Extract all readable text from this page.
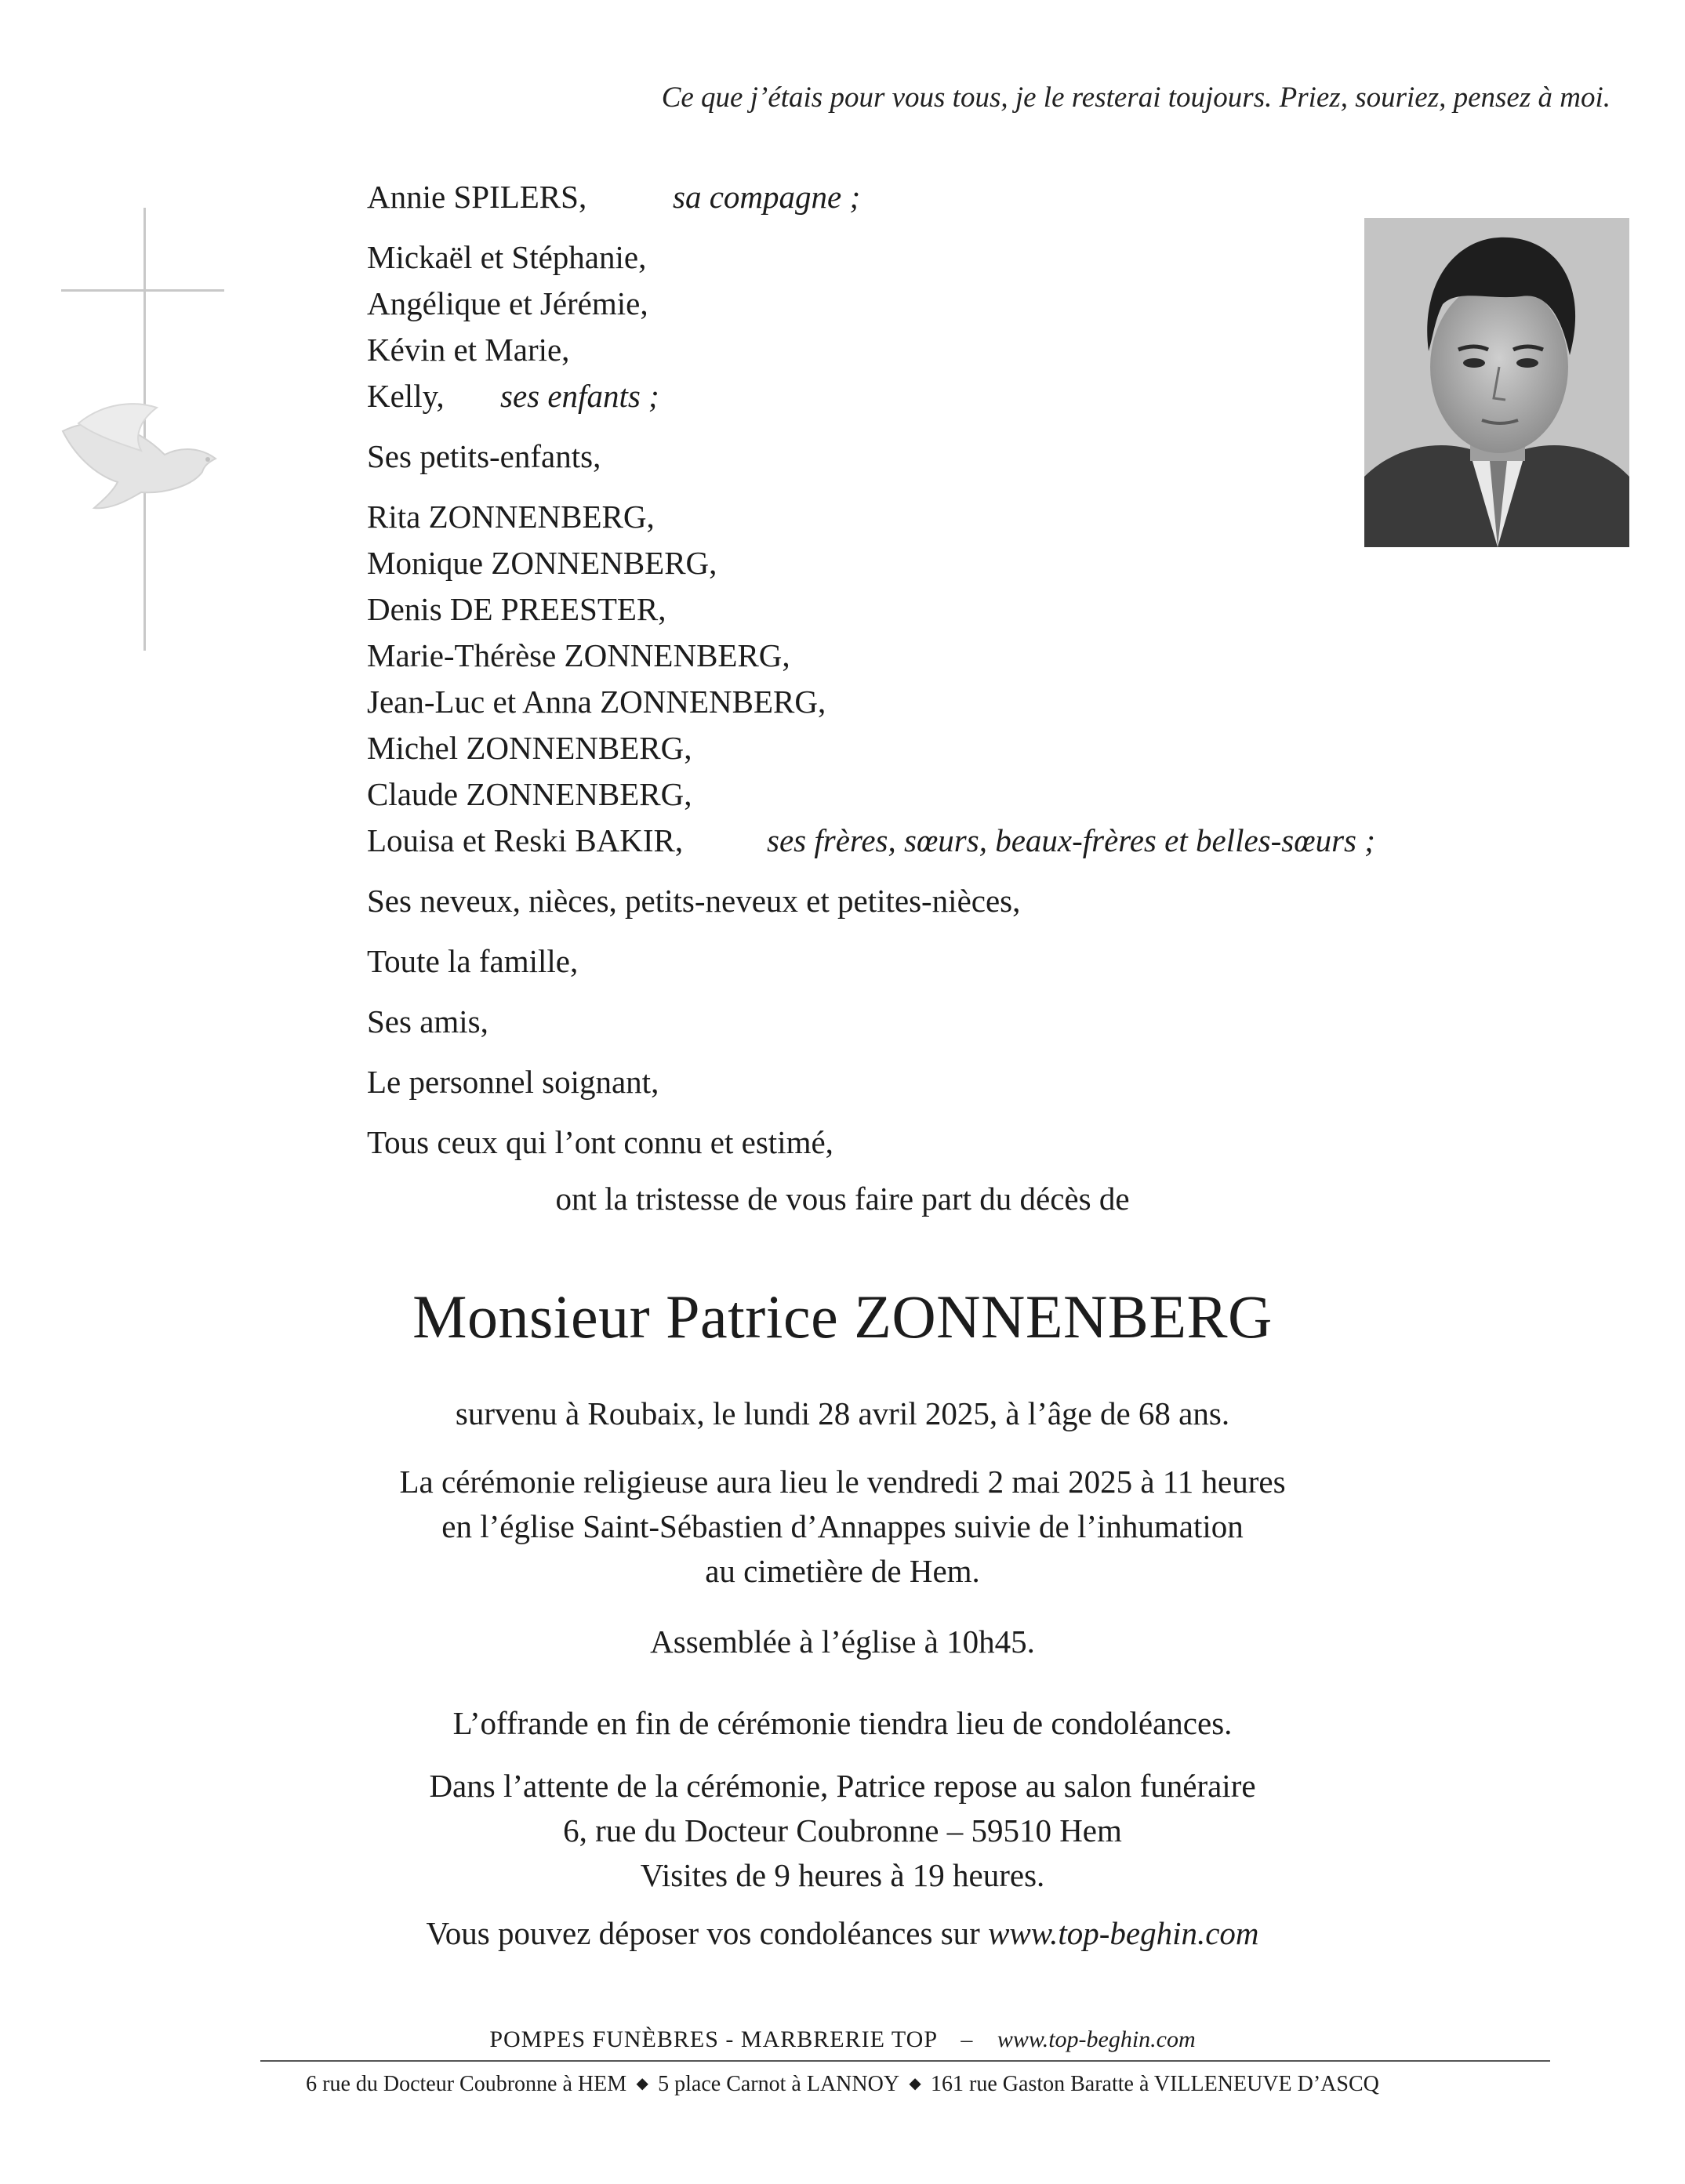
Ce que j’étais pour vous tous, je le resterai toujours. Priez, souriez, pensez à moi.
Annie SPILERS,	sa compagne ;
Mickaël et Stéphanie,
Angélique et Jérémie,
Kévin et Marie,
Kelly, ses enfants ;
Ses petits-enfants,
Rita ZONNENBERG,
Monique ZONNENBERG,
Denis DE PREESTER,
Marie-Thérèse ZONNENBERG,
Jean-Luc et Anna ZONNENBERG,
Michel ZONNENBERG,
Claude ZONNENBERG,
Louisa et Reski BAKIR,	ses frères, sœurs, beaux-frères et belles-sœurs ;
Ses neveux, nièces, petits-neveux et petites-nièces,
Toute la famille,
Ses amis,
Le personnel soignant,
Tous ceux qui l’ont connu et estimé,
ont la tristesse de vous faire part du décès de
Monsieur Patrice ZONNENBERG
survenu à Roubaix, le lundi 28 avril 2025, à l’âge de 68 ans.
La cérémonie religieuse aura lieu le vendredi 2 mai 2025 à 11 heures
en l’église Saint-Sébastien d’Annappes suivie de l’inhumation
au cimetière de Hem.
Assemblée à l’église à 10h45.
L’offrande en fin de cérémonie tiendra lieu de condoléances.
Dans l’attente de la cérémonie, Patrice repose au salon funéraire
6, rue du Docteur Coubronne – 59510 Hem
Visites de 9 heures à 19 heures.
Vous pouvez déposer vos condoléances sur www.top-beghin.com
POMPES FUNÈBRES - MARBRERIE TOP – www.top-beghin.com
6 rue du Docteur Coubronne à HEM ◆ 5 place Carnot à LANNOY ◆ 161 rue Gaston Baratte à VILLENEUVE D’ASCQ
